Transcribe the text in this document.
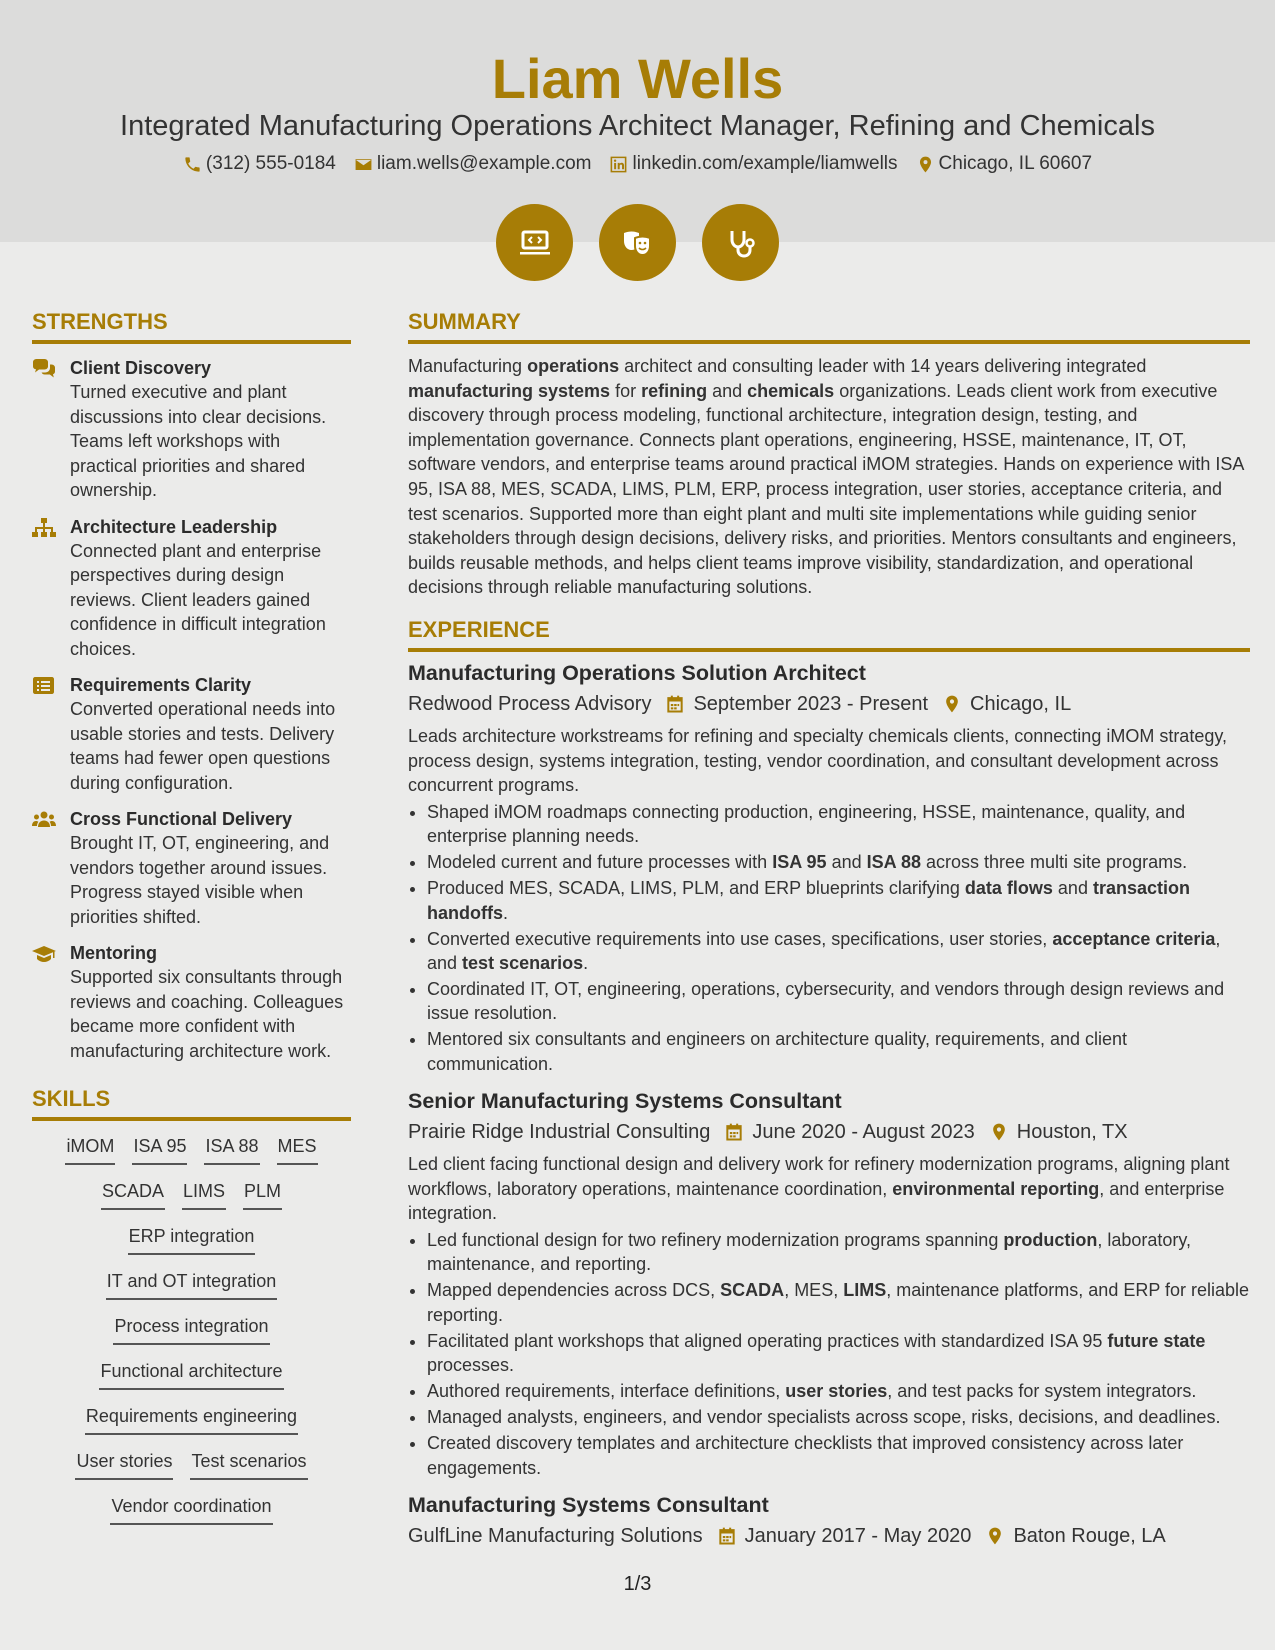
Liam Wells
Integrated Manufacturing Operations Architect Manager, Refining and Chemicals
(312) 555-0184 liam.wells@example.com linkedin.com/example/liamwells Chicago, IL 60607
STRENGTHS
Client Discovery
Turned executive and plant discussions into clear decisions. Teams left workshops with practical priorities and shared ownership.
Architecture Leadership
Connected plant and enterprise perspectives during design reviews. Client leaders gained confidence in difficult integration choices.
Requirements Clarity
Converted operational needs into usable stories and tests. Delivery teams had fewer open questions during configuration.
Cross Functional Delivery
Brought IT, OT, engineering, and vendors together around issues. Progress stayed visible when priorities shifted.
Mentoring
Supported six consultants through reviews and coaching. Colleagues became more confident with manufacturing architecture work.
SKILLS
iMOM ISA 95 ISA 88 MES
SCADA LIMS PLM
ERP integration
IT and OT integration
Process integration
Functional architecture
Requirements engineering
User stories Test scenarios
Vendor coordination
SUMMARY
Manufacturing operations architect and consulting leader with 14 years delivering integrated manufacturing systems for refining and chemicals organizations. Leads client work from executive discovery through process modeling, functional architecture, integration design, testing, and implementation governance. Connects plant operations, engineering, HSSE, maintenance, IT, OT, software vendors, and enterprise teams around practical iMOM strategies. Hands on experience with ISA 95, ISA 88, MES, SCADA, LIMS, PLM, ERP, process integration, user stories, acceptance criteria, and test scenarios. Supported more than eight plant and multi site implementations while guiding senior stakeholders through design decisions, delivery risks, and priorities. Mentors consultants and engineers, builds reusable methods, and helps client teams improve visibility, standardization, and operational decisions through reliable manufacturing solutions.
EXPERIENCE
Manufacturing Operations Solution Architect
Redwood Process Advisory September 2023 - Present Chicago, IL
Leads architecture workstreams for refining and specialty chemicals clients, connecting iMOM strategy, process design, systems integration, testing, vendor coordination, and consultant development across concurrent programs.
• Shaped iMOM roadmaps connecting production, engineering, HSSE, maintenance, quality, and enterprise planning needs.
• Modeled current and future processes with ISA 95 and ISA 88 across three multi site programs.
• Produced MES, SCADA, LIMS, PLM, and ERP blueprints clarifying data flows and transaction handoffs.
• Converted executive requirements into use cases, specifications, user stories, acceptance criteria, and test scenarios.
• Coordinated IT, OT, engineering, operations, cybersecurity, and vendors through design reviews and issue resolution.
• Mentored six consultants and engineers on architecture quality, requirements, and client communication.
Senior Manufacturing Systems Consultant
Prairie Ridge Industrial Consulting June 2020 - August 2023 Houston, TX
Led client facing functional design and delivery work for refinery modernization programs, aligning plant workflows, laboratory operations, maintenance coordination, environmental reporting, and enterprise integration.
• Led functional design for two refinery modernization programs spanning production, laboratory, maintenance, and reporting.
• Mapped dependencies across DCS, SCADA, MES, LIMS, maintenance platforms, and ERP for reliable reporting.
• Facilitated plant workshops that aligned operating practices with standardized ISA 95 future state processes.
• Authored requirements, interface definitions, user stories, and test packs for system integrators.
• Managed analysts, engineers, and vendor specialists across scope, risks, decisions, and deadlines.
• Created discovery templates and architecture checklists that improved consistency across later engagements.
Manufacturing Systems Consultant
GulfLine Manufacturing Solutions January 2017 - May 2020 Baton Rouge, LA
1/3
